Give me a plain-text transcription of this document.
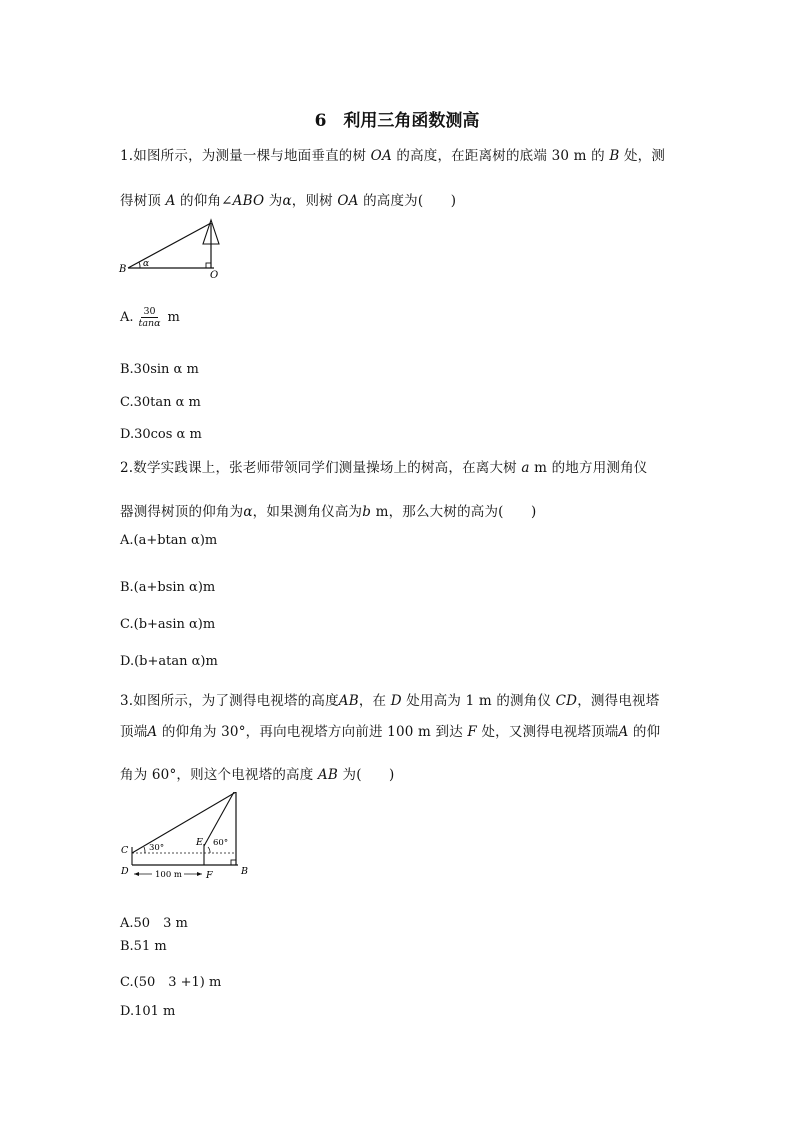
6　利用三角函数测高
1.如图所示，为测量一棵与地面垂直的树 OA 的高度，在距离树的底端 30 m 的 B 处，测
得树顶 A 的仰角∠ABO 为α，则树 OA 的高度为(　　)
α
B
O
A. $\frac{30}{\tan\alpha}$ m
B.30sin α m
C.30tan α m
D.30cos α m
2.数学实践课上，张老师带领同学们测量操场上的树高，在离大树 a m 的地方用测角仪
器测得树顶的仰角为α，如果测角仪高为b m，那么大树的高为(　　)
A.(a+btan α)m
B.(a+bsin α)m
C.(b+asin α)m
D.(b+atan α)m
3.如图所示，为了测得电视塔的高度AB，在 D 处用高为 1 m 的测角仪 CD，测得电视塔
顶端A 的仰角为 30°，再向电视塔方向前进 100 m 到达 F 处，又测得电视塔顶端A 的仰
角为 60°，则这个电视塔的高度 AB 为(　　)
30°	60°
C
E
D	F	B
100 m
A.50　3 m
B.51 m
C.(50　3 +1) m
D.101 m
